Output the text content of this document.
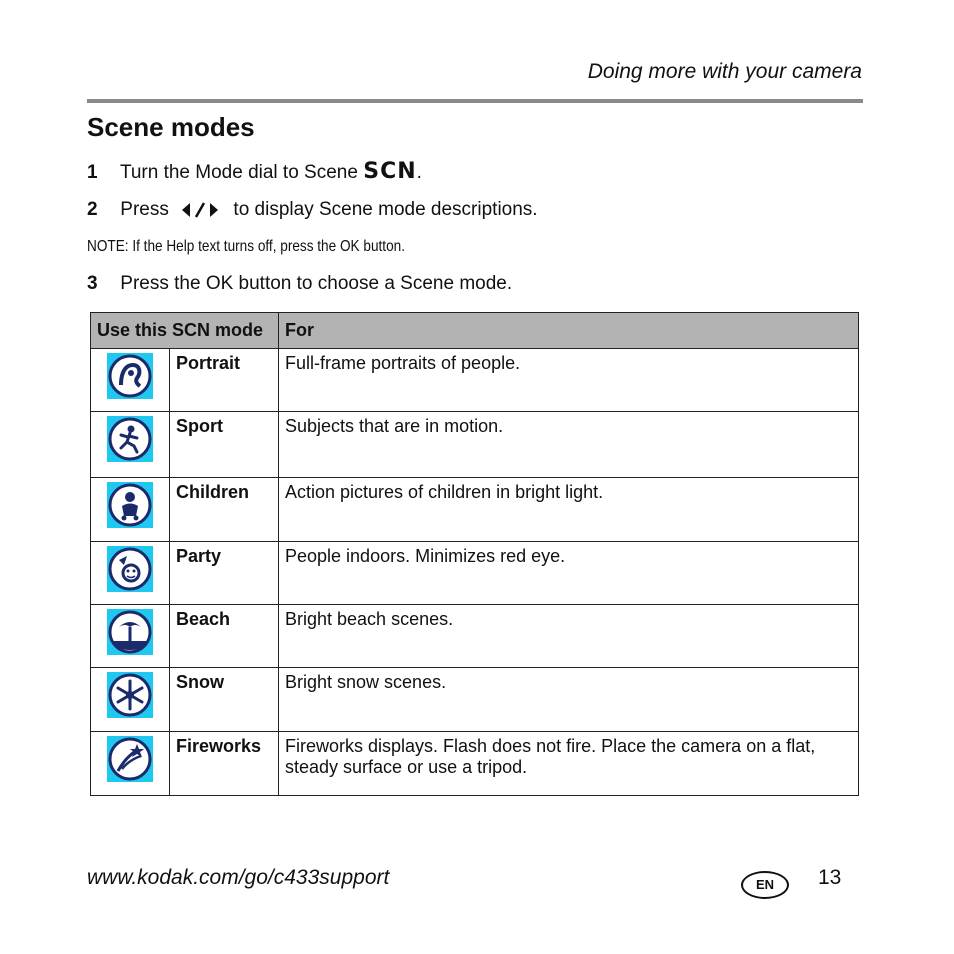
Doing more with your camera
Scene modes
1 Turn the Mode dial to Scene SCN.
2 Press	to display Scene mode descriptions.
NOTE: If the Help text turns off, press the OK button.
3 Press the OK button to choose a Scene mode.
Use this SCN mode		For
	Portrait	Full-frame portraits of people.
	Sport	Subjects that are in motion.
	Children	Action pictures of children in bright light.
	Party	People indoors. Minimizes red eye.
	Beach	Bright beach scenes.
	Snow	Bright snow scenes.
	Fireworks	Fireworks displays. Flash does not fire. Place the camera on a flat, steady surface or use a tripod.
www.kodak.com/go/c433support	EN	13
